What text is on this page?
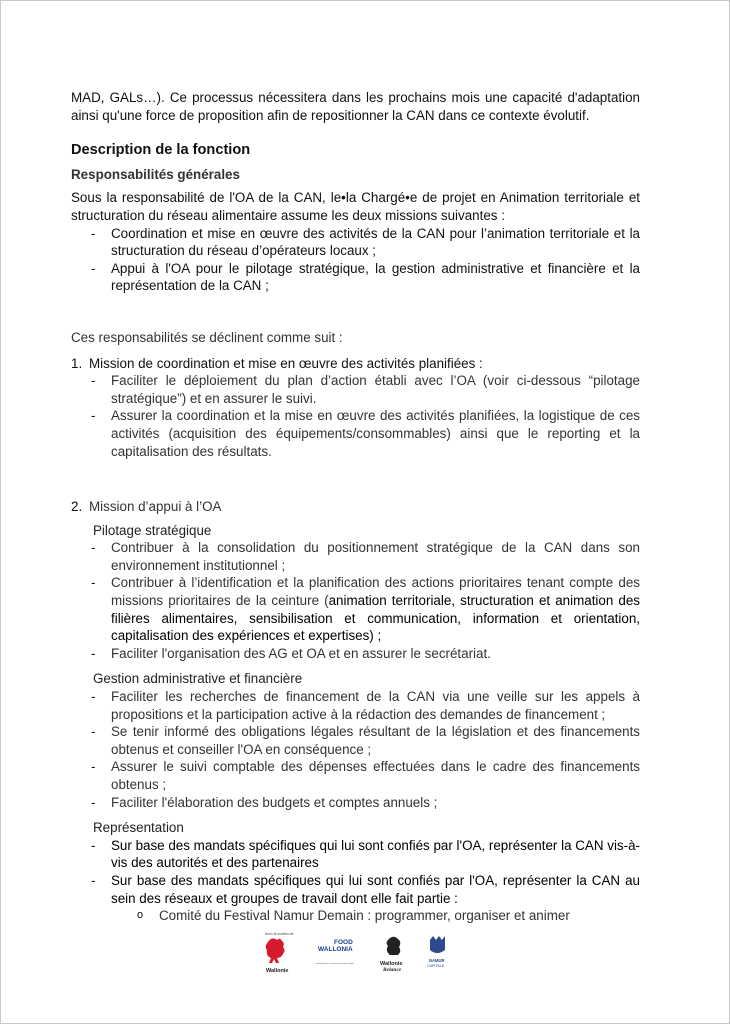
MAD, GALs…). Ce processus nécessitera dans les prochains mois une capacité d'adaptation ainsi qu'une force de proposition afin de repositionner la CAN dans ce contexte évolutif.

Description de la fonction

Responsabilités générales

Sous la responsabilité de l'OA de la CAN, le•la Chargé•e de projet en Animation territoriale et structuration du réseau alimentaire assume les deux missions suivantes :

-	Coordination et mise en œuvre des activités de la CAN pour l’animation territoriale et la structuration du réseau d’opérateurs locaux ;
-	Appui à l'OA pour le pilotage stratégique, la gestion administrative et financière et la représentation de la CAN ;

Ces responsabilités se déclinent comme suit :

1. Mission de coordination et mise en œuvre des activités planifiées :
-	Faciliter le déploiement du plan d’action établi avec l’OA (voir ci-dessous “pilotage stratégique”) et en assurer le suivi.
-	Assurer la coordination et la mise en œuvre des activités planifiées, la logistique de ces activités (acquisition des équipements/consommables) ainsi que le reporting et la capitalisation des résultats.
2. Mission d’appui à l’OA

Pilotage stratégique

-	Contribuer à la consolidation du positionnement stratégique de la CAN dans son environnement institutionnel ;
-	Contribuer à l’identification et la planification des actions prioritaires tenant compte des missions prioritaires de la ceinture (animation territoriale, structuration et animation des filières alimentaires, sensibilisation et communication, information et orientation, capitalisation des expériences et expertises) ;
-	Faciliter l'organisation des AG et OA et en assurer le secrétariat.

Gestion administrative et financière

-	Faciliter les recherches de financement de la CAN via une veille sur les appels à propositions et la participation active à la rédaction des demandes de financement ;
-	Se tenir informé des obligations légales résultant de la législation et des financements obtenus et conseiller l'OA en conséquence ;
-	Assurer le suivi comptable des dépenses effectuées dans le cadre des financements obtenus ;
-	Faciliter l'élaboration des budgets et comptes annuels ;

Représentation

-	Sur base des mandats spécifiques qui lui sont confiés par l'OA, représenter la CAN vis-à-vis des autorités et des partenaires
-	Sur base des mandats spécifiques qui lui sont confiés par l'OA, représenter la CAN au sein des réseaux et groupes de travail dont elle fait partie :
o	Comité du Festival Namur Demain : programmer, organiser et animer
Avec le soutien de
Wallonie
FOOD
WALLONIA
Ensemble pour un système alimentaire durable	Wallonie
Relance
NAMUR
CAPITALE
